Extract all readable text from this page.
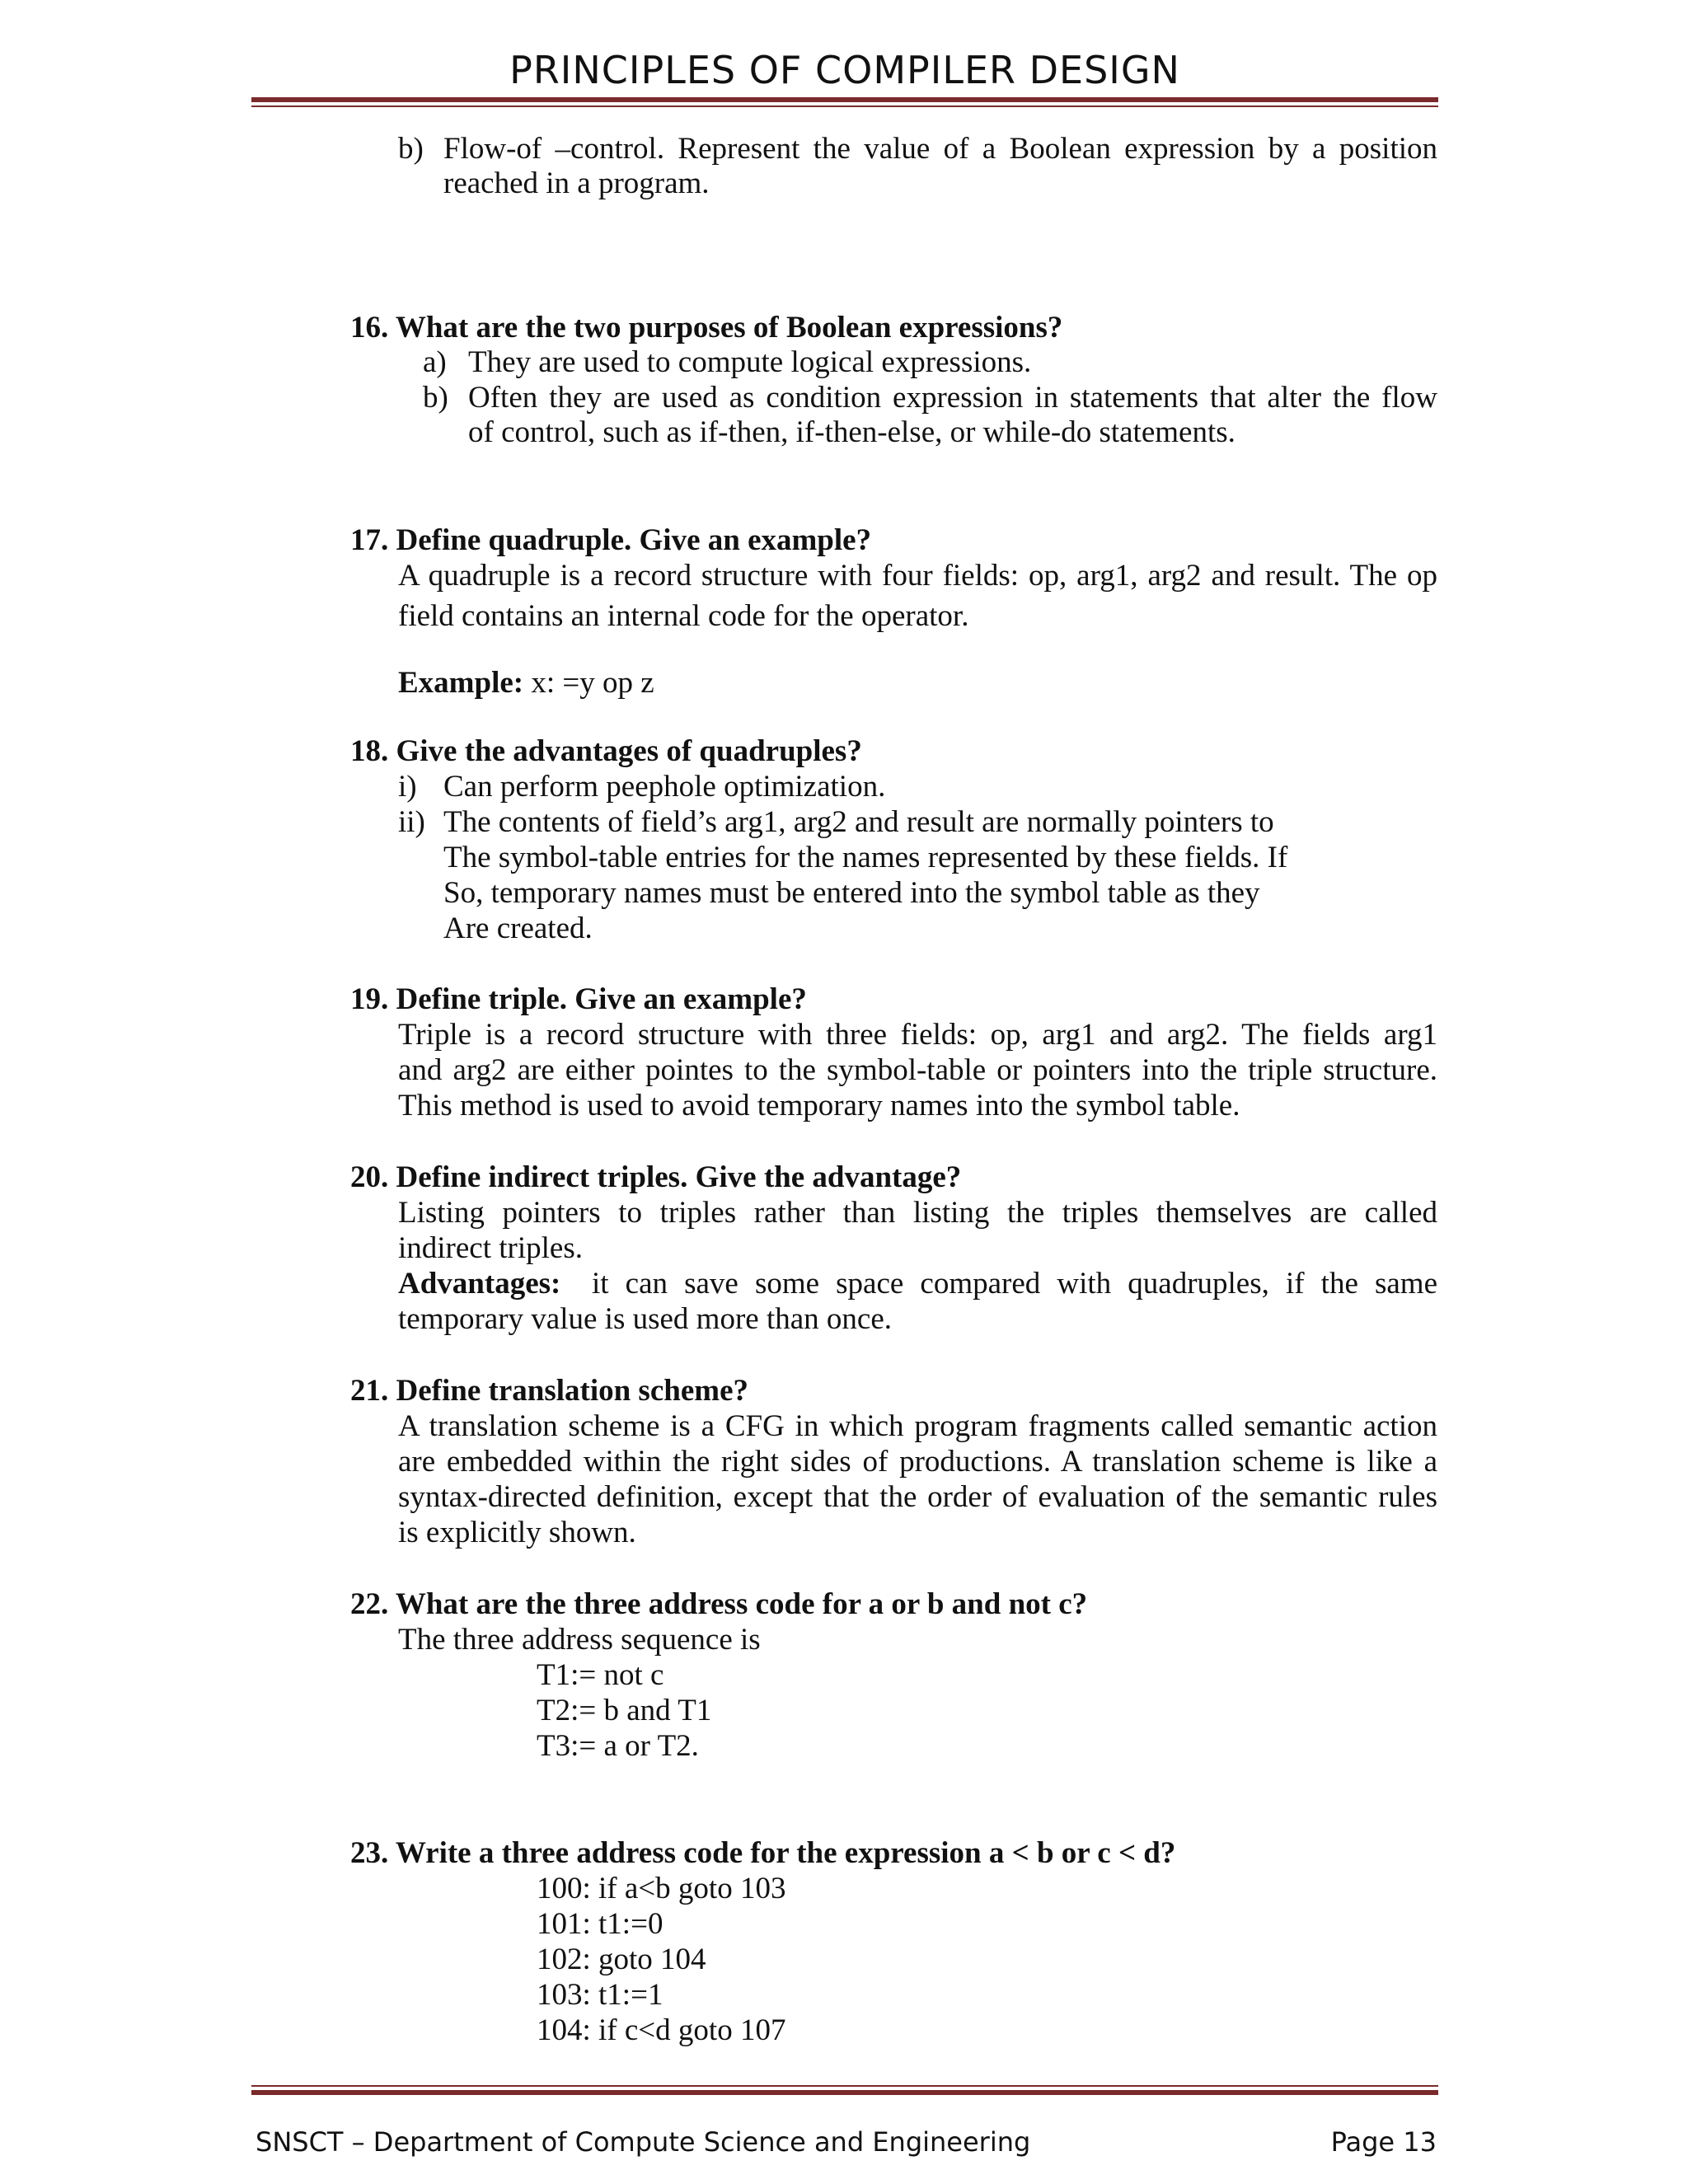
PRINCIPLES OF COMPILER DESIGN
b) Flow-of –control. Represent the value of a Boolean expression by a position
reached in a program.
16. What are the two purposes of Boolean expressions?
a) They are used to compute logical expressions.
b) Often they are used as condition expression in statements that alter the flow
of control, such as if-then, if-then-else, or while-do statements.
17. Define quadruple. Give an example?
A quadruple is a record structure with four fields: op, arg1, arg2 and result. The op
field contains an internal code for the operator.
Example: x: =y op z
18. Give the advantages of quadruples?
i) Can perform peephole optimization.
ii) The contents of field’s arg1, arg2 and result are normally pointers to
The symbol-table entries for the names represented by these fields. If
So, temporary names must be entered into the symbol table as they
Are created.
19. Define triple. Give an example?
Triple is a record structure with three fields: op, arg1 and arg2. The fields arg1
and arg2 are either pointes to the symbol-table or pointers into the triple structure.
This method is used to avoid temporary names into the symbol table.
20. Define indirect triples. Give the advantage?
Listing pointers to triples rather than listing the triples themselves are called
indirect triples.
Advantages: it can save some space compared with quadruples, if the same
temporary value is used more than once.
21. Define translation scheme?
A translation scheme is a CFG in which program fragments called semantic action
are embedded within the right sides of productions. A translation scheme is like a
syntax-directed definition, except that the order of evaluation of the semantic rules
is explicitly shown.
22. What are the three address code for a or b and not c?
The three address sequence is
T1:= not c
T2:= b and T1
T3:= a or T2.
23. Write a three address code for the expression a < b or c < d?
100: if a<b goto 103
101: t1:=0
102: goto 104
103: t1:=1
104: if c<d goto 107
SNSCT – Department of Compute Science and Engineering	Page 13
